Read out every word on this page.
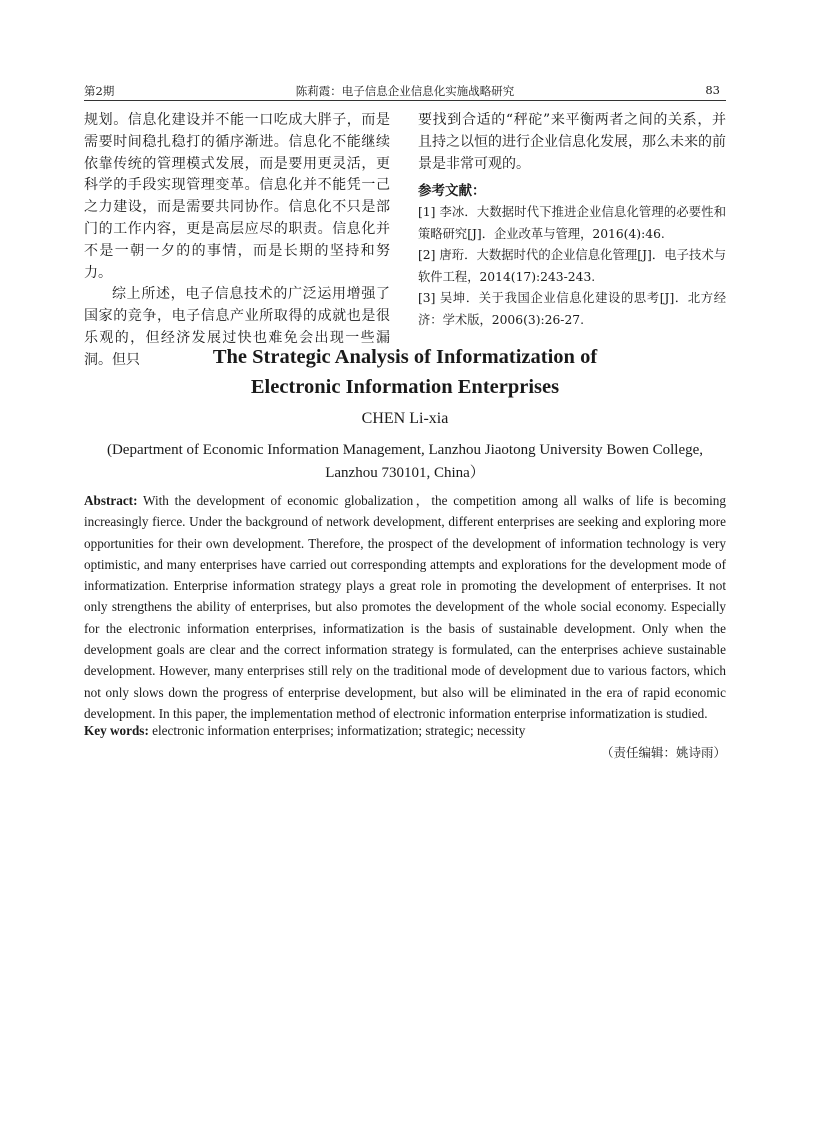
第2期	陈莉霞：电子信息企业信息化实施战略研究	83

规划。信息化建设并不能一口吃成大胖子，而是需要时间稳扎稳打的循序渐进。信息化不能继续依靠传统的管理模式发展，而是要用更灵活，更科学的手段实现管理变革。信息化并不能凭一己之力建设，而是需要共同协作。信息化不只是部门的工作内容，更是高层应尽的职责。信息化并不是一朝一夕的的事情，而是长期的坚持和努力。

综上所述，电子信息技术的广泛运用增强了国家的竞争，电子信息产业所取得的成就也是很乐观的，但经济发展过快也难免会出现一些漏洞。但只

要找到合适的“秤砣”来平衡两者之间的关系，并且持之以恒的进行企业信息化发展，那么未来的前景是非常可观的。

参考文献：

[1] 李冰．大数据时代下推进企业信息化管理的必要性和策略研究[J]．企业改革与管理，2016(4):46.

[2] 唐珩．大数据时代的企业信息化管理[J]．电子技术与软件工程，2014(17):243-243.

[3] 吴坤．关于我国企业信息化建设的思考[J]．北方经济：学术版，2006(3):26-27.

The Strategic Analysis of Informatization of
Electronic Information Enterprises
CHEN Li-xia
(Department of Economic Information Management, Lanzhou Jiaotong University Bowen College,
Lanzhou 730101, China）
Abstract: With the development of economic globalization，the competition among all walks of life is becoming increasingly fierce. Under the background of network development, different enterprises are seeking and exploring more opportunities for their own development. Therefore, the prospect of the development of information technology is very optimistic, and many enterprises have carried out corresponding attempts and explorations for the development mode of informatization. Enterprise information strategy plays a great role in promoting the development of enterprises. It not only strengthens the ability of enterprises, but also promotes the development of the whole social economy. Especially for the electronic information enterprises, informatization is the basis of sustainable development. Only when the development goals are clear and the correct information strategy is formulated, can the enterprises achieve sustainable development. However, many enterprises still rely on the traditional mode of development due to various factors, which not only slows down the progress of enterprise development, but also will be eliminated in the era of rapid economic development. In this paper, the implementation method of electronic information enterprise informatization is studied.
Key words: electronic information enterprises; informatization; strategic; necessity
（责任编辑：姚诗雨）
